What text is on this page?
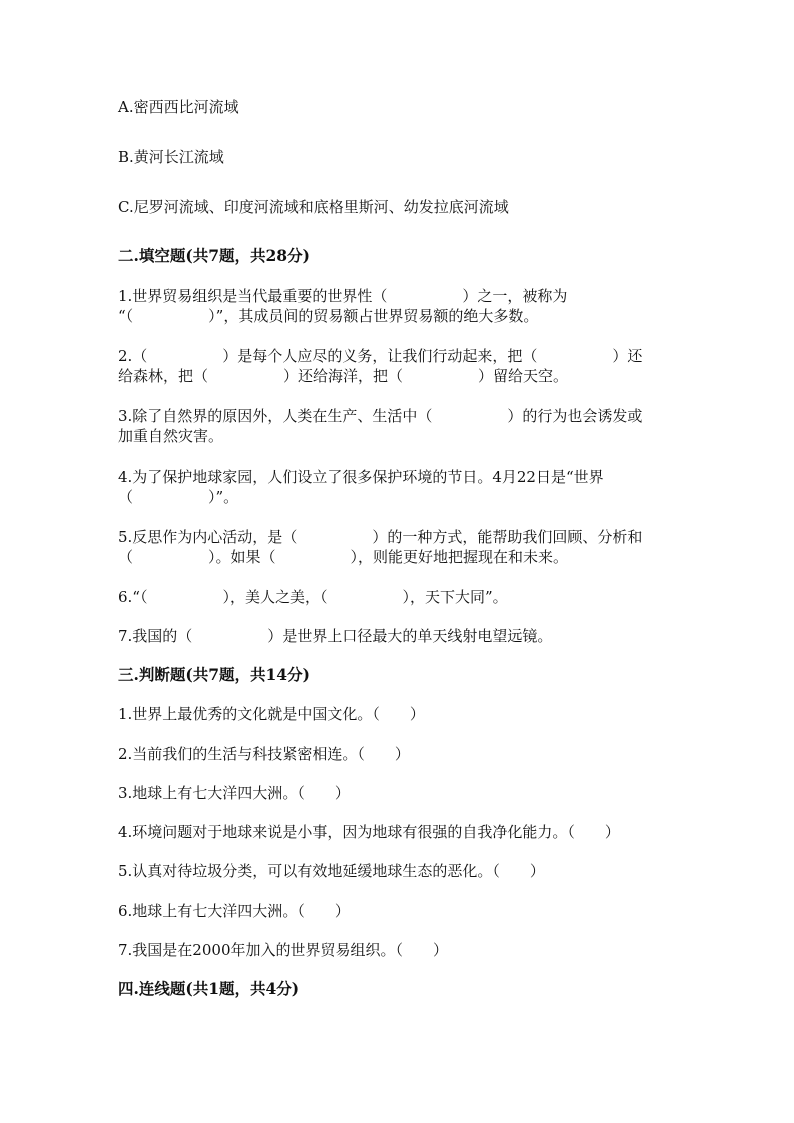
A.密西西比河流域
B.黄河长江流域
C.尼罗河流域、印度河流域和底格里斯河、幼发拉底河流域
二.填空题(共7题，共28分)
1.世界贸易组织是当代最重要的世界性（　　　　　）之一，被称为
“（　　　　　）”，其成员间的贸易额占世界贸易额的绝大多数。
2.（　　　　　）是每个人应尽的义务，让我们行动起来，把（　　　　　）还
给森林，把（　　　　　）还给海洋，把（　　　　　）留给天空。
3.除了自然界的原因外，人类在生产、生活中（　　　　　）的行为也会诱发或
加重自然灾害。
4.为了保护地球家园，人们设立了很多保护环境的节日。4月22日是“世界
（　　　　　）”。
5.反思作为内心活动，是（　　　　　）的一种方式，能帮助我们回顾、分析和
（　　　　　）。如果（　　　　　），则能更好地把握现在和未来。
6.“（　　　　　），美人之美，（　　　　　），天下大同”。
7.我国的（　　　　　）是世界上口径最大的单天线射电望远镜。
三.判断题(共7题，共14分)
1.世界上最优秀的文化就是中国文化。（　　）
2.当前我们的生活与科技紧密相连。（　　）
3.地球上有七大洋四大洲。（　　）
4.环境问题对于地球来说是小事，因为地球有很强的自我净化能力。（　　）
5.认真对待垃圾分类，可以有效地延缓地球生态的恶化。（　　）
6.地球上有七大洋四大洲。（　　）
7.我国是在2000年加入的世界贸易组织。（　　）
四.连线题(共1题，共4分)
